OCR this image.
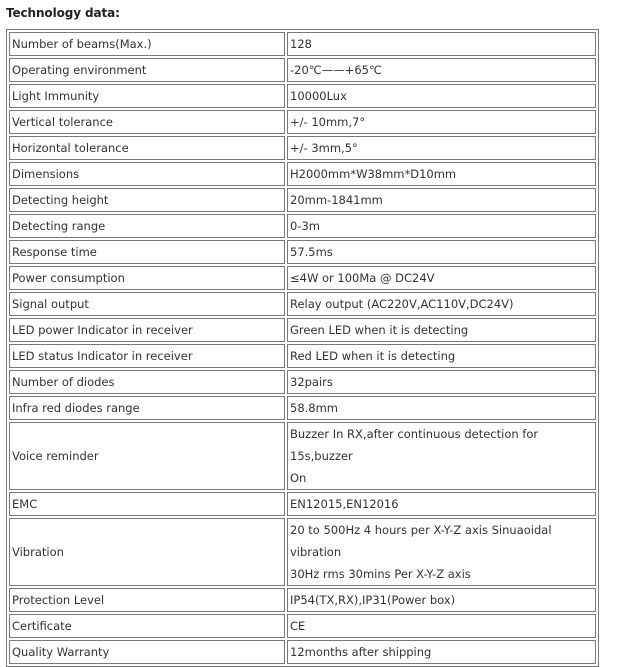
Technology data:
Number of beams(Max.)	128
Operating environment	-20℃——+65℃
Light Immunity	10000Lux
Vertical tolerance	+/- 10mm,7°
Horizontal tolerance	+/- 3mm,5°
Dimensions	H2000mm*W38mm*D10mm
Detecting height	20mm-1841mm
Detecting range	0-3m
Response time	57.5ms
Power consumption	≤4W or 100Ma @ DC24V
Signal output	Relay output (AC220V,AC110V,DC24V)
LED power Indicator in receiver	Green LED when it is detecting
LED status Indicator in receiver	Red LED when it is detecting
Number of diodes	32pairs
Infra red diodes range	58.8mm
Voice reminder	Buzzer In RX,after continuous detection for 15s,buzzer
On

EMC	EN12015,EN12016
Vibration	20 to 500Hz 4 hours per X-Y-Z axis Sinuaoidal vibration
30Hz rms 30mins Per X-Y-Z axis

Protection Level	IP54(TX,RX),IP31(Power box)
Certificate	CE
Quality Warranty	12months after shipping
